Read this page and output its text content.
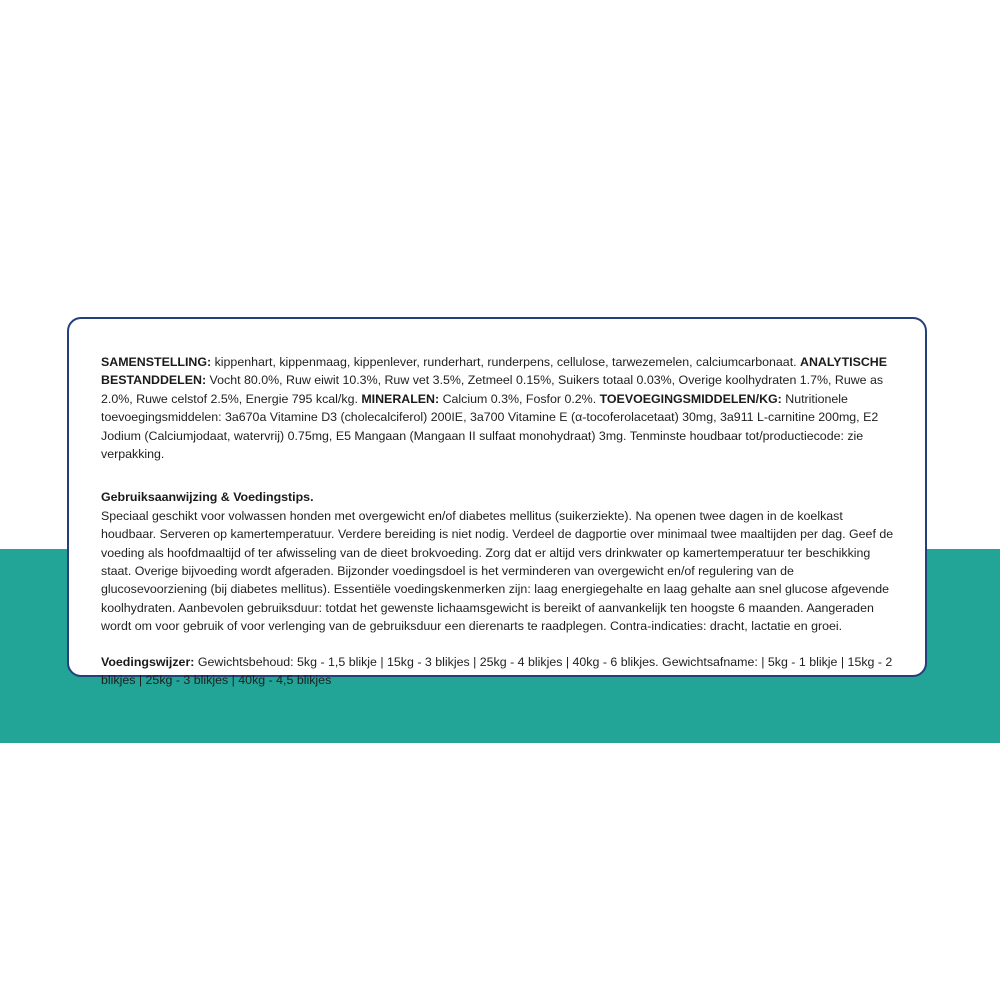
SAMENSTELLING: kippenhart, kippenmaag, kippenlever, runderhart, runderpens, cellulose, tarwezemelen, calciumcarbonaat. ANALYTISCHE BESTANDDELEN: Vocht 80.0%, Ruw eiwit 10.3%, Ruw vet 3.5%, Zetmeel 0.15%, Suikers totaal 0.03%, Overige koolhydraten 1.7%, Ruwe as 2.0%, Ruwe celstof 2.5%, Energie 795 kcal/kg. MINERALEN: Calcium 0.3%, Fosfor 0.2%. TOEVOEGINGSMIDDELEN/KG: Nutritionele toevoegingsmiddelen: 3a670a Vitamine D3 (cholecalciferol) 200IE, 3a700 Vitamine E (α-tocoferolacetaat) 30mg, 3a911 L-carnitine 200mg, E2 Jodium (Calciumjodaat, watervrij) 0.75mg, E5 Mangaan (Mangaan II sulfaat monohydraat) 3mg. Tenminste houdbaar tot/productiecode: zie verpakking.

Gebruiksaanwijzing & Voedingstips.

Speciaal geschikt voor volwassen honden met overgewicht en/of diabetes mellitus (suikerziekte). Na openen twee dagen in de koelkast houdbaar. Serveren op kamertemperatuur. Verdere bereiding is niet nodig. Verdeel de dagportie over minimaal twee maaltijden per dag. Geef de voeding als hoofdmaaltijd of ter afwisseling van de dieet brokvoeding. Zorg dat er altijd vers drinkwater op kamertemperatuur ter beschikking staat. Overige bijvoeding wordt afgeraden. Bijzonder voedingsdoel is het verminderen van overgewicht en/of regulering van de glucosevoorziening (bij diabetes mellitus). Essentiële voedingskenmerken zijn: laag energiegehalte en laag gehalte aan snel glucose afgevende koolhydraten. Aanbevolen gebruiksduur: totdat het gewenste lichaamsgewicht is bereikt of aanvankelijk ten hoogste 6 maanden. Aangeraden wordt om voor gebruik of voor verlenging van de gebruiksduur een dierenarts te raadplegen. Contra-indicaties: dracht, lactatie en groei.

Voedingswijzer: Gewichtsbehoud: 5kg - 1,5 blikje | 15kg - 3 blikjes | 25kg - 4 blikjes | 40kg - 6 blikjes. Gewichtsafname: | 5kg - 1 blikje | 15kg - 2 blikjes | 25kg - 3 blikjes | 40kg - 4,5 blikjes
